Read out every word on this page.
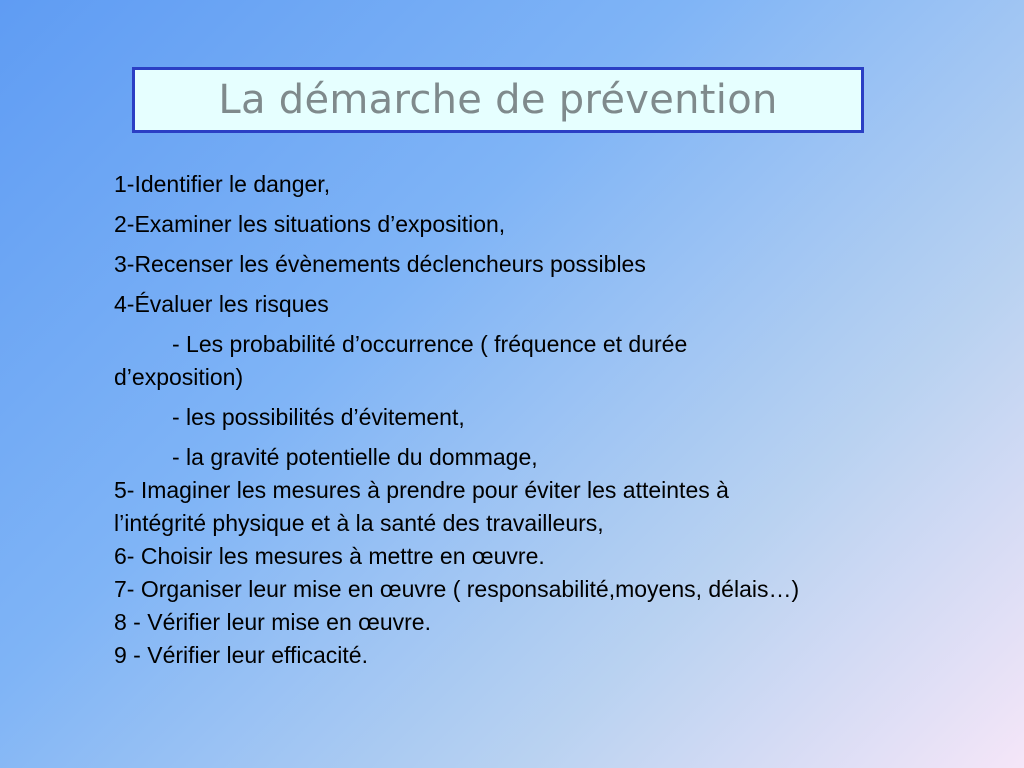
La démarche de prévention
1-Identifier le danger,
2-Examiner les situations d’exposition,
3-Recenser les évènements déclencheurs possibles
4-Évaluer les risques
- Les probabilité d’occurrence ( fréquence et durée
d’exposition)
- les possibilités d’évitement,
- la gravité potentielle du dommage,
5- Imaginer les mesures à prendre pour éviter les atteintes à
l’intégrité physique et à la santé des travailleurs,
6- Choisir les mesures à mettre en œuvre.
7- Organiser leur mise en œuvre ( responsabilité,moyens, délais…)
8 - Vérifier leur mise en œuvre.
9 - Vérifier leur efficacité.
